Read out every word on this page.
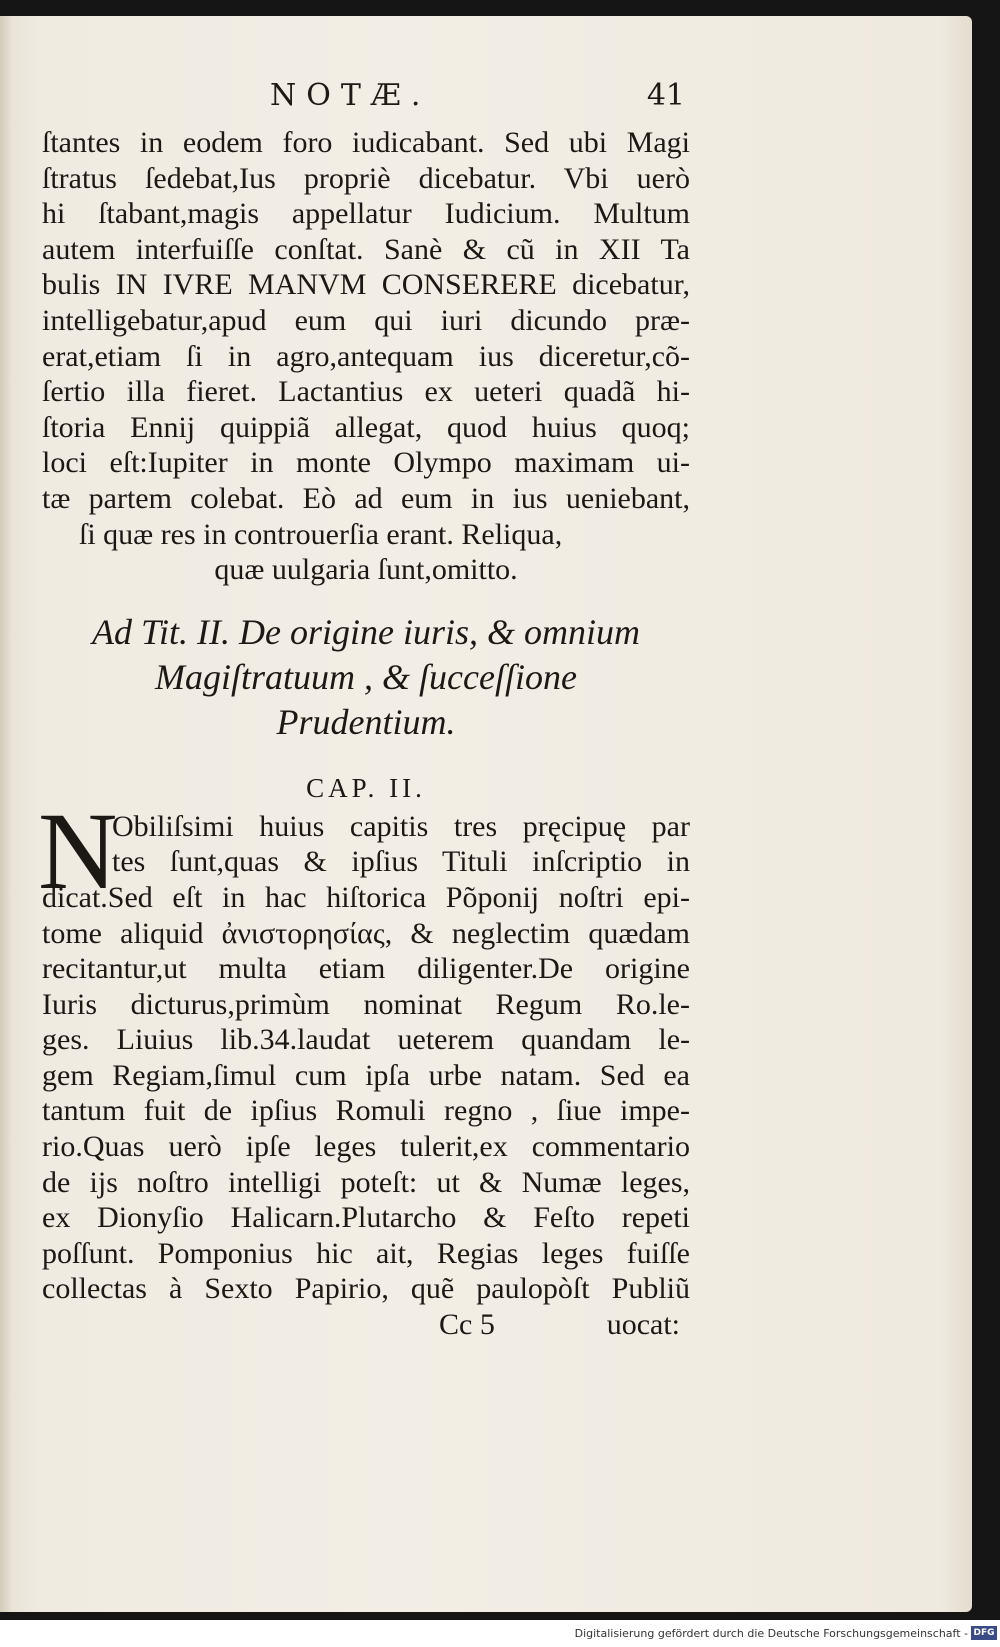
NOTÆ.	41
ſtantes in eodem foro iudicabant. Sed ubi Magi
ſtratus ſedebat,Ius propriè dicebatur. Vbi uerò
hi ſtabant,magis appellatur Iudicium. Multum
autem interfuiſſe conſtat. Sanè & cũ in XII Ta
bulis IN IVRE MANVM CONSERERE dicebatur,
intelligebatur,apud eum qui iuri dicundo præ-
erat,etiam ſi in agro,antequam ius diceretur,cõ-
ſertio illa fieret. Lactantius ex ueteri quadã hi-
ſtoria Ennij quippiã allegat, quod huius quoq;
loci eſt:Iupiter in monte Olympo maximam ui-
tæ partem colebat. Eò ad eum in ius ueniebant,
ſi quæ res in controuerſia erant. Reliqua,
quæ uulgaria ſunt,omitto.
Ad Tit. II. De origine iuris, & omnium
Magiſtratuum , & ſucceſſione
Prudentium.
CAP. II.
N
Obiliſsimi huius capitis tres pręcipuę par
tes ſunt,quas & ipſius Tituli inſcriptio in
dicat.Sed eſt in hac hiſtorica Põponij noſtri epi-
tome aliquid ἀνιστορησίας, & neglectim quædam
recitantur,ut multa etiam diligenter.De origine
Iuris dicturus,primùm nominat Regum Ro.le-
ges. Liuius lib.34.laudat ueterem quandam le-
gem Regiam,ſimul cum ipſa urbe natam. Sed ea
tantum fuit de ipſius Romuli regno , ſiue impe-
rio.Quas uerò ipſe leges tulerit,ex commentario
de ijs noſtro intelligi poteſt: ut & Numæ leges,
ex Dionyſio Halicarn.Plutarcho & Feſto repeti
poſſunt. Pomponius hic ait, Regias leges fuiſſe
collectas à Sexto Papirio, quẽ paulopòſt Publiũ
Cc 5	uocat:
Digitalisierung gefördert durch die Deutsche Forschungsgemeinschaft - DFG
